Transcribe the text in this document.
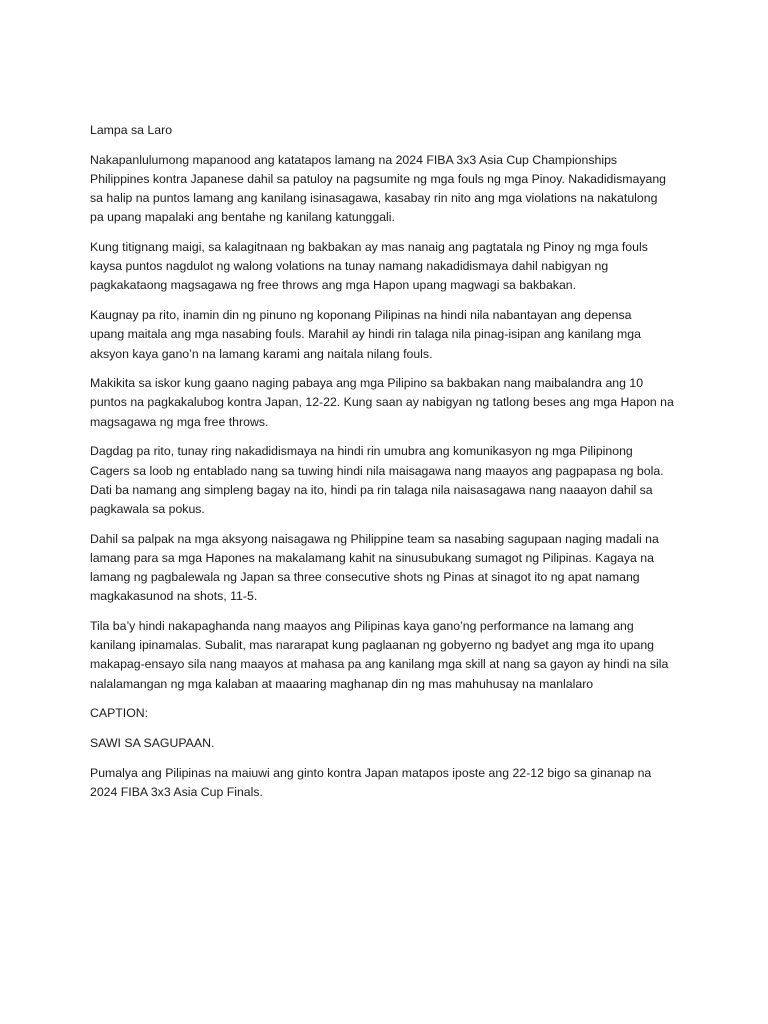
Lampa sa Laro

Nakapanlulumong mapanood ang katatapos lamang na 2024 FIBA 3x3 Asia Cup Championships
Philippines kontra Japanese dahil sa patuloy na pagsumite ng mga fouls ng mga Pinoy. Nakadidismayang
sa halip na puntos lamang ang kanilang isinasagawa, kasabay rin nito ang mga violations na nakatulong
pa upang mapalaki ang bentahe ng kanilang katunggali.

Kung titignang maigi, sa kalagitnaan ng bakbakan ay mas nanaig ang pagtatala ng Pinoy ng mga fouls
kaysa puntos nagdulot ng walong volations na tunay namang nakadidismaya dahil nabigyan ng
pagkakataong magsagawa ng free throws ang mga Hapon upang magwagi sa bakbakan.

Kaugnay pa rito, inamin din ng pinuno ng koponang Pilipinas na hindi nila nabantayan ang depensa
upang maitala ang mga nasabing fouls. Marahil ay hindi rin talaga nila pinag-isipan ang kanilang mga
aksyon kaya gano’n na lamang karami ang naitala nilang fouls.

Makikita sa iskor kung gaano naging pabaya ang mga Pilipino sa bakbakan nang maibalandra ang 10
puntos na pagkakalubog kontra Japan, 12-22. Kung saan ay nabigyan ng tatlong beses ang mga Hapon na
magsagawa ng mga free throws.

Dagdag pa rito, tunay ring nakadidismaya na hindi rin umubra ang komunikasyon ng mga Pilipinong
Cagers sa loob ng entablado nang sa tuwing hindi nila maisagawa nang maayos ang pagpapasa ng bola.
Dati ba namang ang simpleng bagay na ito, hindi pa rin talaga nila naisasagawa nang naaayon dahil sa
pagkawala sa pokus.

Dahil sa palpak na mga aksyong naisagawa ng Philippine team sa nasabing sagupaan naging madali na
lamang para sa mga Hapones na makalamang kahit na sinusubukang sumagot ng Pilipinas. Kagaya na
lamang ng pagbalewala ng Japan sa three consecutive shots ng Pinas at sinagot ito ng apat namang
magkakasunod na shots, 11-5.

Tila ba’y hindi nakapaghanda nang maayos ang Pilipinas kaya gano’ng performance na lamang ang
kanilang ipinamalas. Subalit, mas nararapat kung paglaanan ng gobyerno ng badyet ang mga ito upang
makapag-ensayo sila nang maayos at mahasa pa ang kanilang mga skill at nang sa gayon ay hindi na sila
nalalamangan ng mga kalaban at maaaring maghanap din ng mas mahuhusay na manlalaro

CAPTION:

SAWI SA SAGUPAAN.

Pumalya ang Pilipinas na maiuwi ang ginto kontra Japan matapos iposte ang 22-12 bigo sa ginanap na
2024 FIBA 3x3 Asia Cup Finals.
